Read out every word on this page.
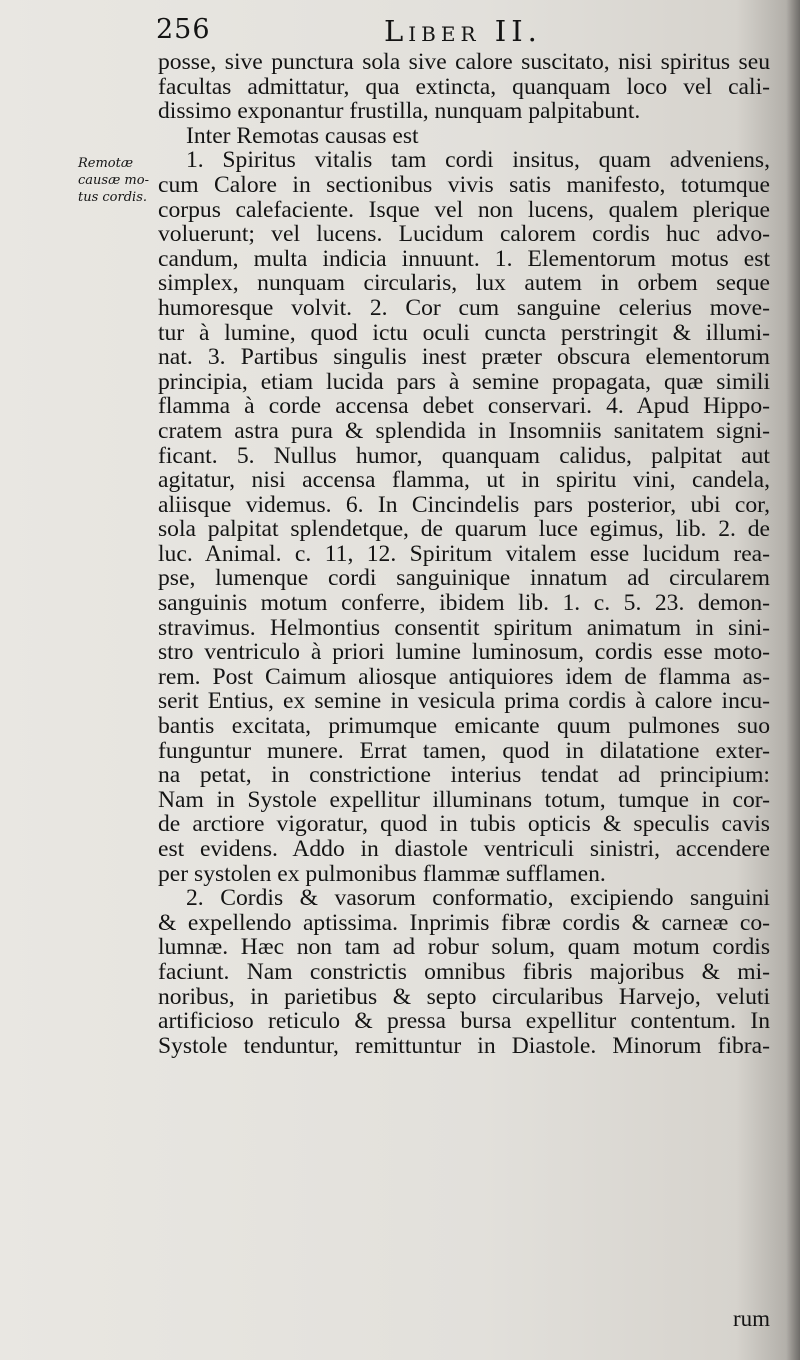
256	Liber II.
Remotæ
causæ mo-
tus cordis.
posse, sive punctura sola sive calore suscitato, nisi spiritus seu
facultas admittatur, qua extincta, quanquam loco vel cali-
dissimo exponantur frustilla, nunquam palpitabunt.
Inter Remotas causas est
1. Spiritus vitalis tam cordi insitus, quam adveniens,
cum Calore in sectionibus vivis satis manifesto, totumque
corpus calefaciente. Isque vel non lucens, qualem plerique
voluerunt; vel lucens. Lucidum calorem cordis huc advo-
candum, multa indicia innuunt. 1. Elementorum motus est
simplex, nunquam circularis, lux autem in orbem seque
humoresque volvit. 2. Cor cum sanguine celerius move-
tur à lumine, quod ictu oculi cuncta perstringit & illumi-
nat. 3. Partibus singulis inest præter obscura elementorum
principia, etiam lucida pars à semine propagata, quæ simili
flamma à corde accensa debet conservari. 4. Apud Hippo-
cratem astra pura & splendida in Insomniis sanitatem signi-
ficant. 5. Nullus humor, quanquam calidus, palpitat aut
agitatur, nisi accensa flamma, ut in spiritu vini, candela,
aliisque videmus. 6. In Cincindelis pars posterior, ubi cor,
sola palpitat splendetque, de quarum luce egimus, lib. 2. de
luc. Animal. c. 11, 12. Spiritum vitalem esse lucidum rea-
pse, lumenque cordi sanguinique innatum ad circularem
sanguinis motum conferre, ibidem lib. 1. c. 5. 23. demon-
stravimus. Helmontius consentit spiritum animatum in sini-
stro ventriculo à priori lumine luminosum, cordis esse moto-
rem. Post Caimum aliosque antiquiores idem de flamma as-
serit Entius, ex semine in vesicula prima cordis à calore incu-
bantis excitata, primumque emicante quum pulmones suo
funguntur munere. Errat tamen, quod in dilatatione exter-
na petat, in constrictione interius tendat ad principium:
Nam in Systole expellitur illuminans totum, tumque in cor-
de arctiore vigoratur, quod in tubis opticis & speculis cavis
est evidens. Addo in diastole ventriculi sinistri, accendere
per systolen ex pulmonibus flammæ sufflamen.
2. Cordis & vasorum conformatio, excipiendo sanguini
& expellendo aptissima. Inprimis fibræ cordis & carneæ co-
lumnæ. Hæc non tam ad robur solum, quam motum cordis
faciunt. Nam constrictis omnibus fibris majoribus & mi-
noribus, in parietibus & septo circularibus Harvejo, veluti
artificioso reticulo & pressa bursa expellitur contentum. In
Systole tenduntur, remittuntur in Diastole. Minorum fibra-
rum
